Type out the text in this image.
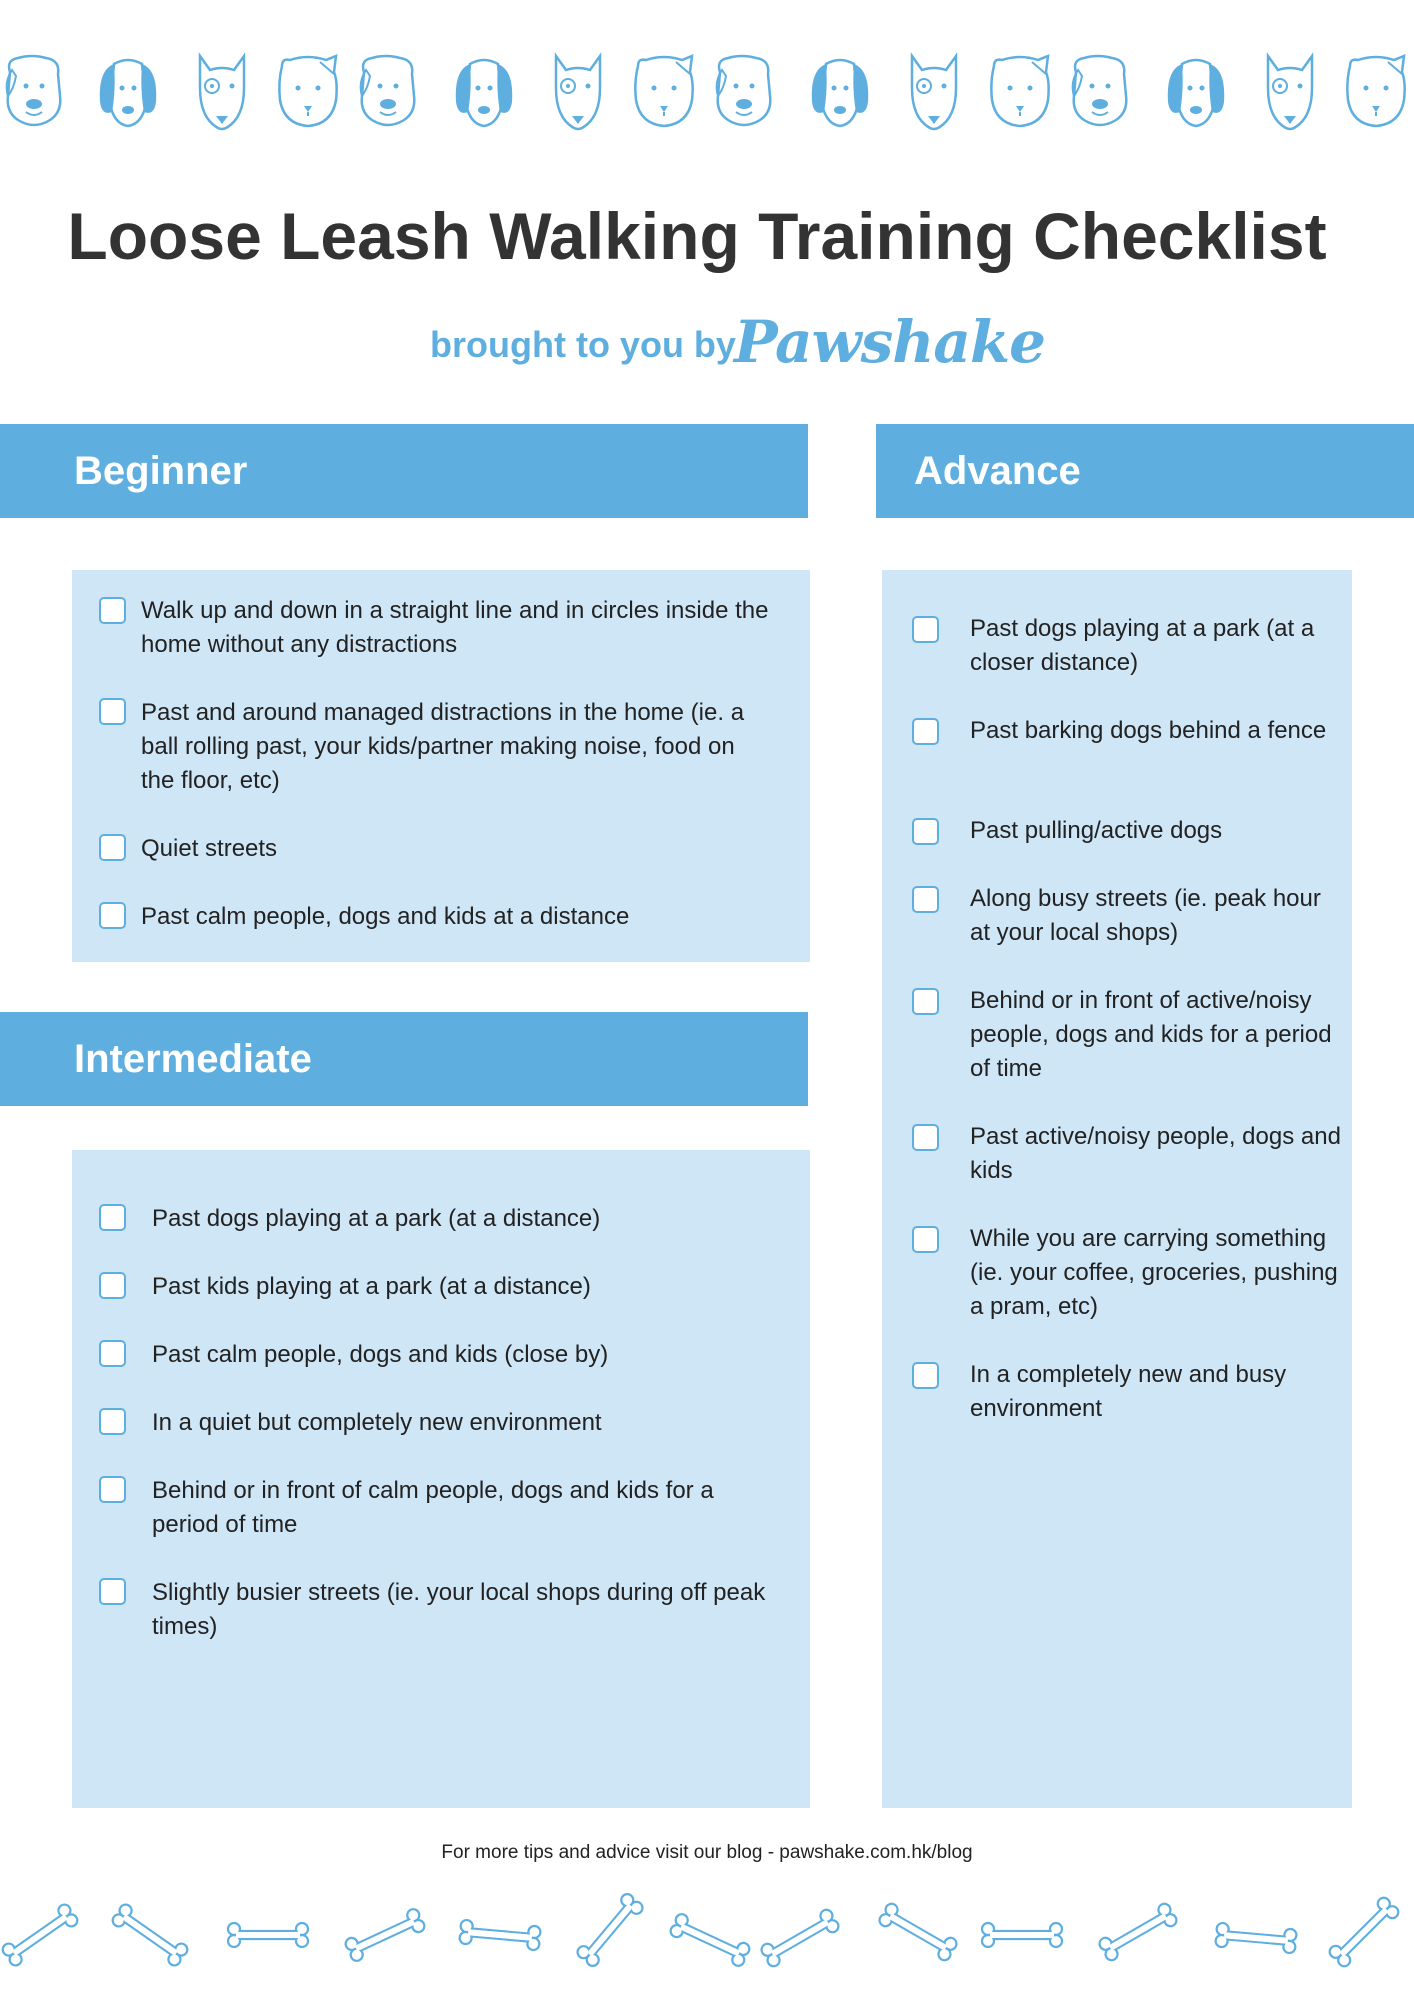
Loose Leash Walking Training Checklist
brought to you by
Pawshake
Beginner
Walk up and down in a straight line and in circles inside the home without any distractions
Past and around managed distractions in the home (ie. a ball rolling past, your kids/partner making noise, food on the floor, etc)
Quiet streets
Past calm people, dogs and kids at a distance
Intermediate
Past dogs playing at a park (at a distance)
Past kids playing at a park (at a distance)
Past calm people, dogs and kids (close by)
In a quiet but completely new environment
Behind or in front of calm people, dogs and kids for a period of time
Slightly busier streets (ie. your local shops during off peak times)
Advance
Past dogs playing at a park (at a closer distance)
Past barking dogs behind a fence
Past pulling/active dogs
Along busy streets (ie. peak hour at your local shops)
Behind or in front of active/noisy people, dogs and kids for a period of time
Past active/noisy people, dogs and kids
While you are carrying something (ie. your coffee, groceries, pushing a pram, etc)
In a completely new and busy environment
For more tips and advice visit our blog - pawshake.com.hk/blog
